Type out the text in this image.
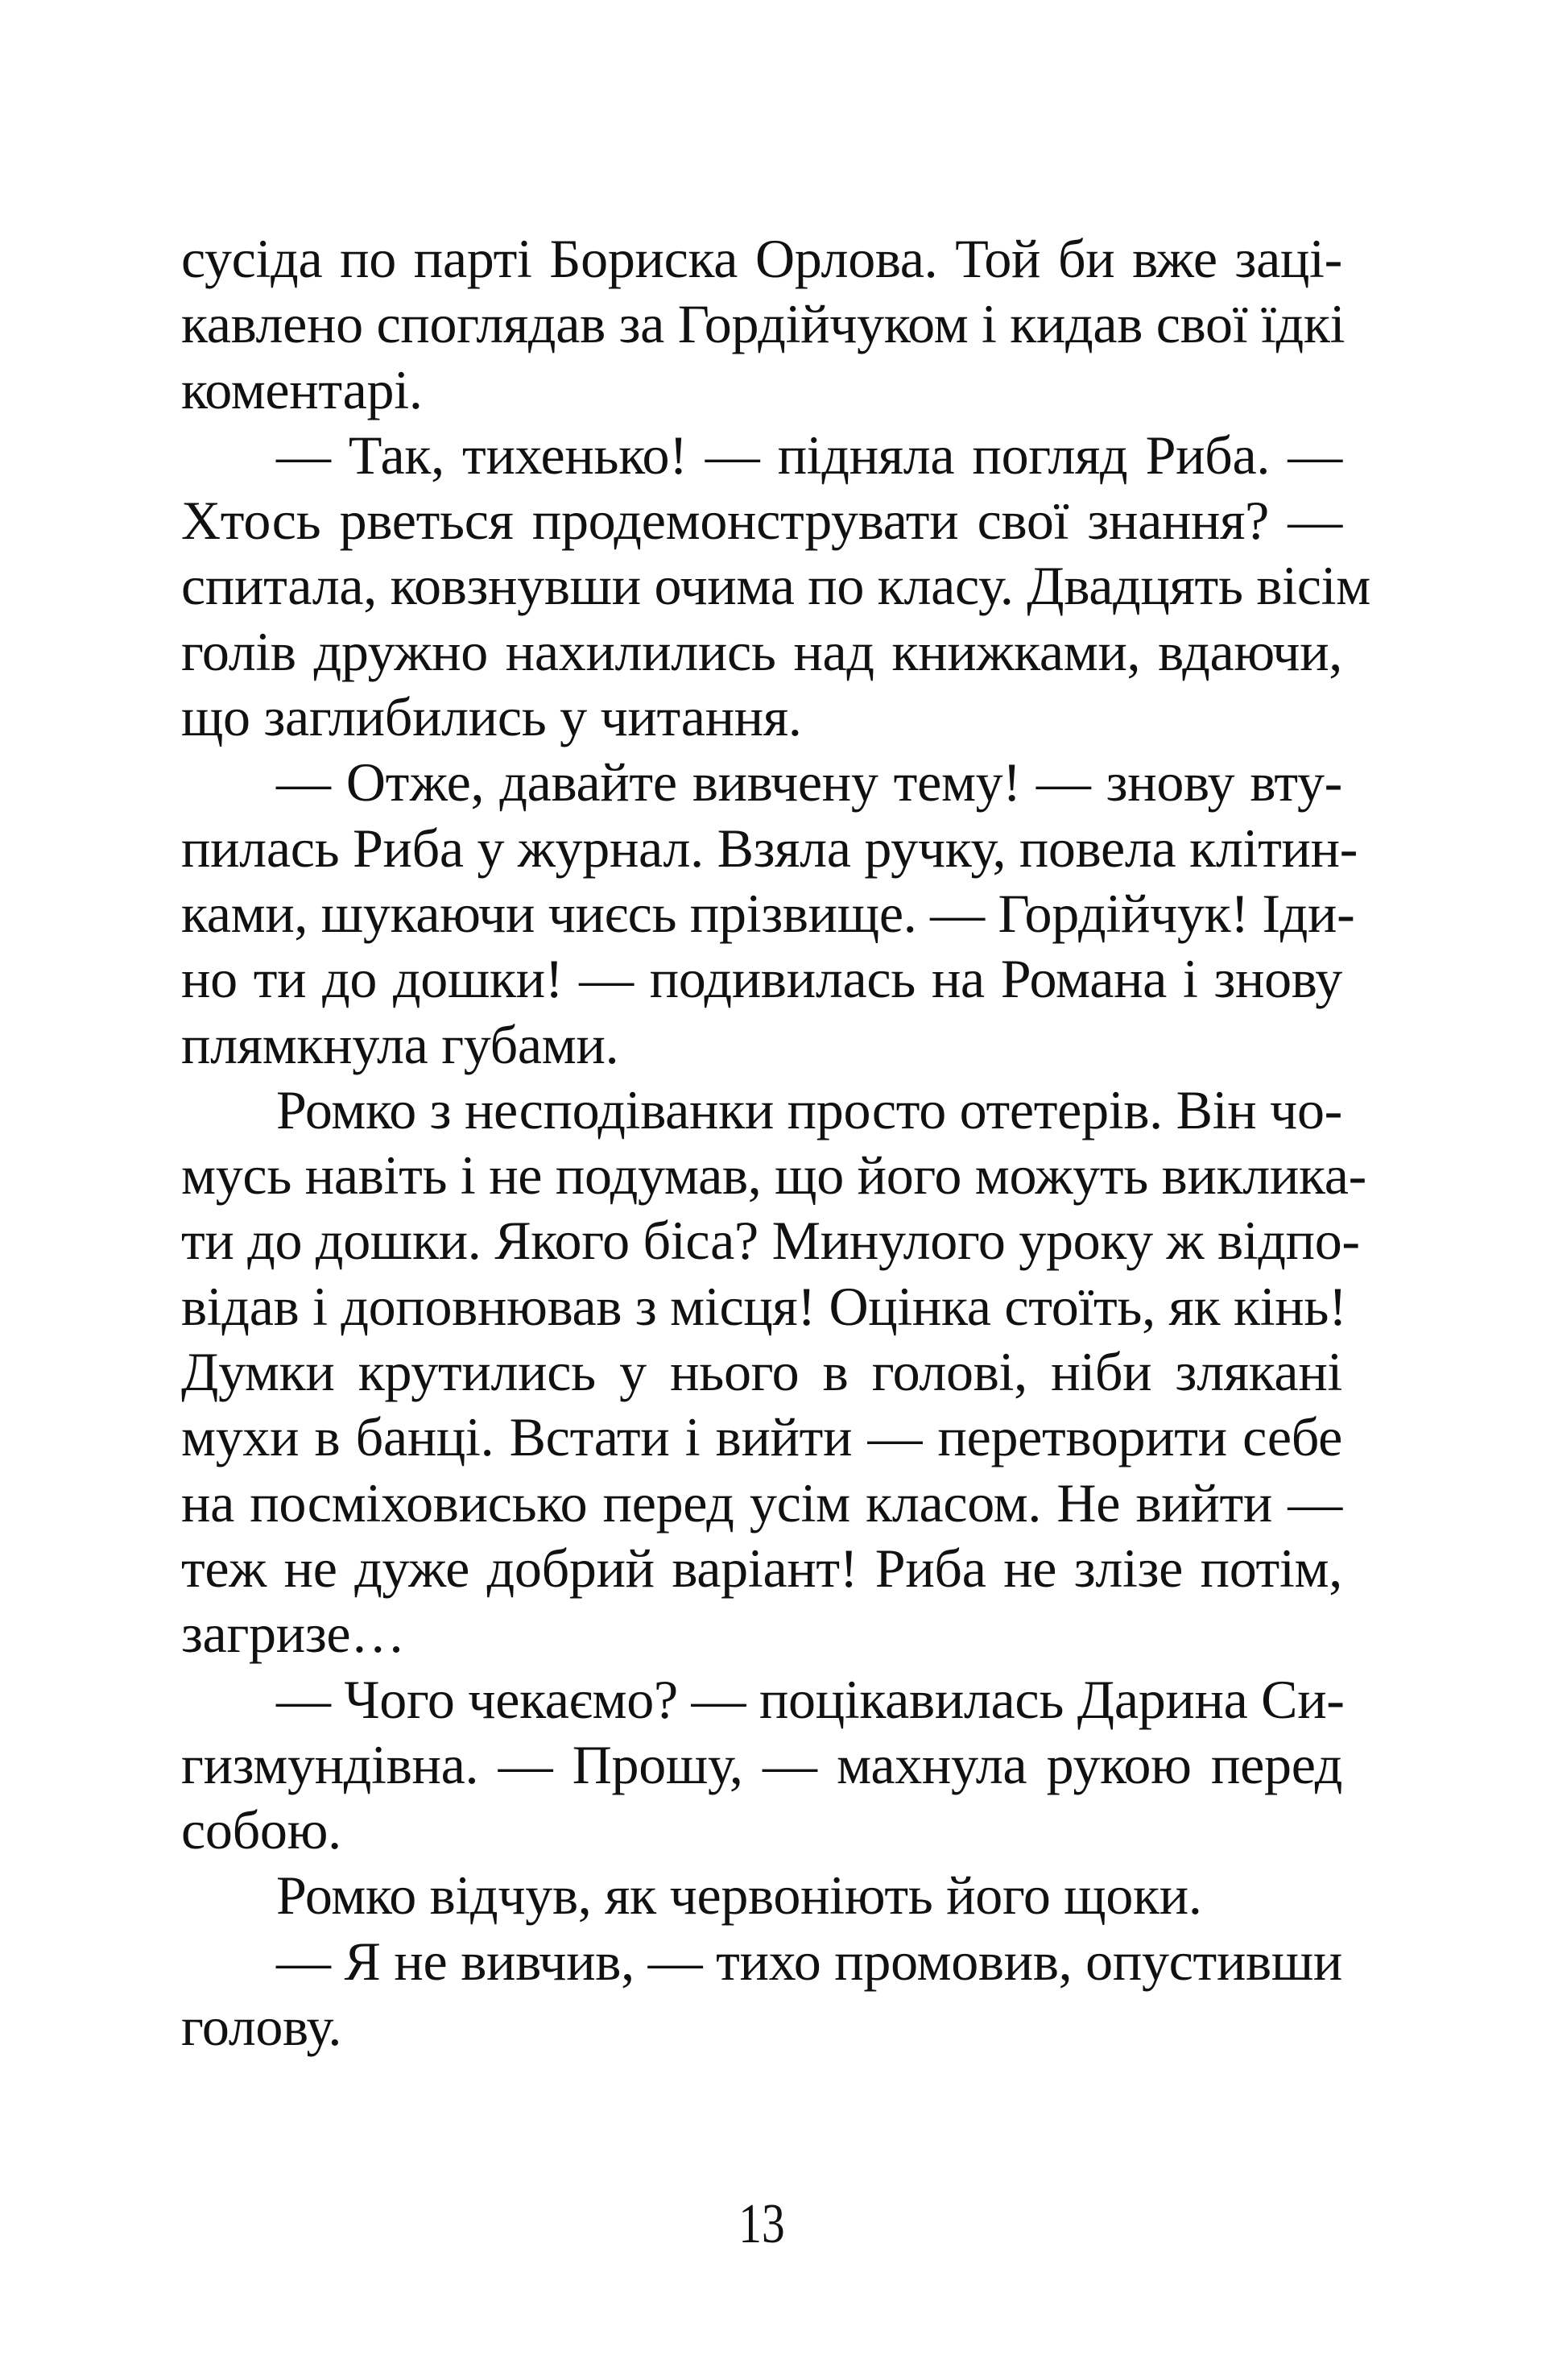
сусіда по парті Бориска Орлова. Той би вже заці-
кавлено споглядав за Гордійчуком і кидав свої їдкі
коментарі.
— Так, тихенько! — підняла погляд Риба. —
Хтось рветься продемонструвати свої знання? —
спитала, ковзнувши очима по класу. Двадцять вісім
голів дружно нахилились над книжками, вдаючи,
що заглибились у читання.
— Отже, давайте вивчену тему! — знову вту-
пилась Риба у журнал. Взяла ручку, повела клітин-
ками, шукаючи чиєсь прізвище. — Гордійчук! Іди-
но ти до дошки! — подивилась на Романа і знову
плямкнула губами.
Ромко з несподіванки просто отетерів. Він чо-
мусь навіть і не подумав, що його можуть виклика-
ти до дошки. Якого біса? Минулого уроку ж відпо-
відав і доповнював з місця! Оцінка стоїть, як кінь!
Думки крутились у нього в голові, ніби злякані
мухи в банці. Встати і вийти — перетворити себе
на посміховисько перед усім класом. Не вийти —
теж не дуже добрий варіант! Риба не злізе потім,
загризе…
— Чого чекаємо? — поцікавилась Дарина Си-
гизмундівна. — Прошу, — махнула рукою перед
собою.
Ромко відчув, як червоніють його щоки.
— Я не вивчив, — тихо промовив, опустивши
голову.
13
